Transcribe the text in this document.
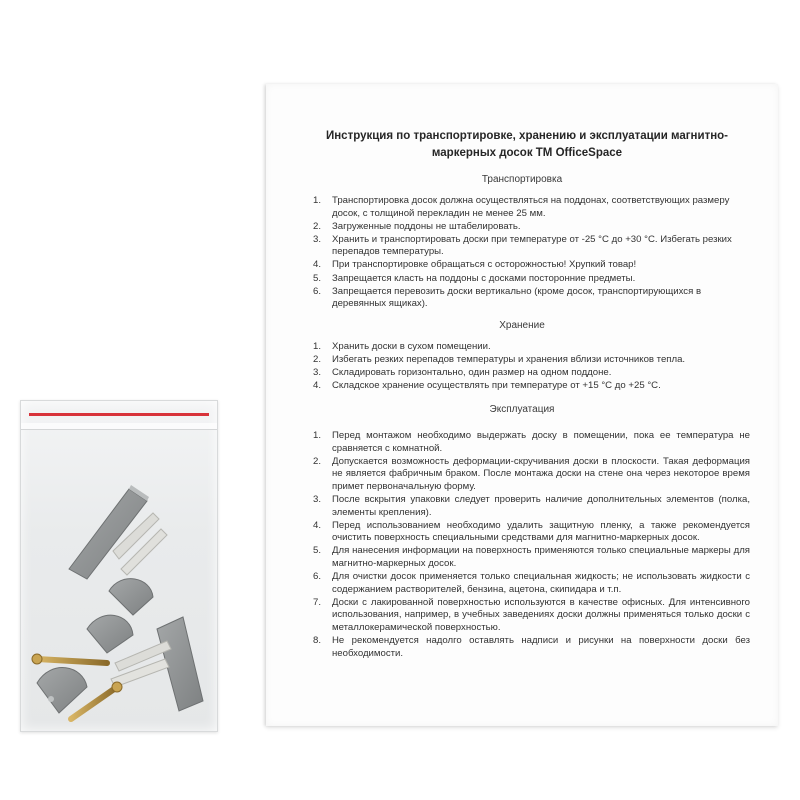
Инструкция по транспортировке, хранению и эксплуатации магнитно-
маркерных досок ТМ OfficeSpace
Транспортировка
1. Транспортировка досок должна осуществляться на поддонах, соответствующих размеру досок, с толщиной перекладин не менее 25 мм.
2. Загруженные поддоны не штабелировать.
3. Хранить и транспортировать доски при температуре от -25 °С до +30 °С. Избегать резких перепадов температуры.
4. При транспортировке обращаться с осторожностью! Хрупкий товар!
5. Запрещается класть на поддоны с досками посторонние предметы.
6. Запрещается перевозить доски вертикально (кроме досок, транспортирующихся в деревянных ящиках).
Хранение
1. Хранить доски в сухом помещении.
2. Избегать резких перепадов температуры и хранения вблизи источников тепла.
3. Складировать горизонтально, один размер на одном поддоне.
4. Складское хранение осуществлять при температуре от +15 °С до +25 °С.
Эксплуатация
1. Перед монтажом необходимо выдержать доску в помещении, пока ее температура не сравняется с комнатной.
2. Допускается возможность деформации-скручивания доски в плоскости. Такая деформация не является фабричным браком. После монтажа доски на стене она через некоторое время примет первоначальную форму.
3. После вскрытия упаковки следует проверить наличие дополнительных элементов (полка, элементы крепления).
4. Перед использованием необходимо удалить защитную пленку, а также рекомендуется очистить поверхность специальными средствами для магнитно-маркерных досок.
5. Для нанесения информации на поверхность применяются только специальные маркеры для магнитно-маркерных досок.
6. Для очистки досок применяется только специальная жидкость; не использовать жидкости с содержанием растворителей, бензина, ацетона, скипидара и т.п.
7. Доски с лакированной поверхностью используются в качестве офисных. Для интенсивного использования, например, в учебных заведениях доски должны применяться только доски с металлокерамической поверхностью.
8. Не рекомендуется надолго оставлять надписи и рисунки на поверхности доски без необходимости.
